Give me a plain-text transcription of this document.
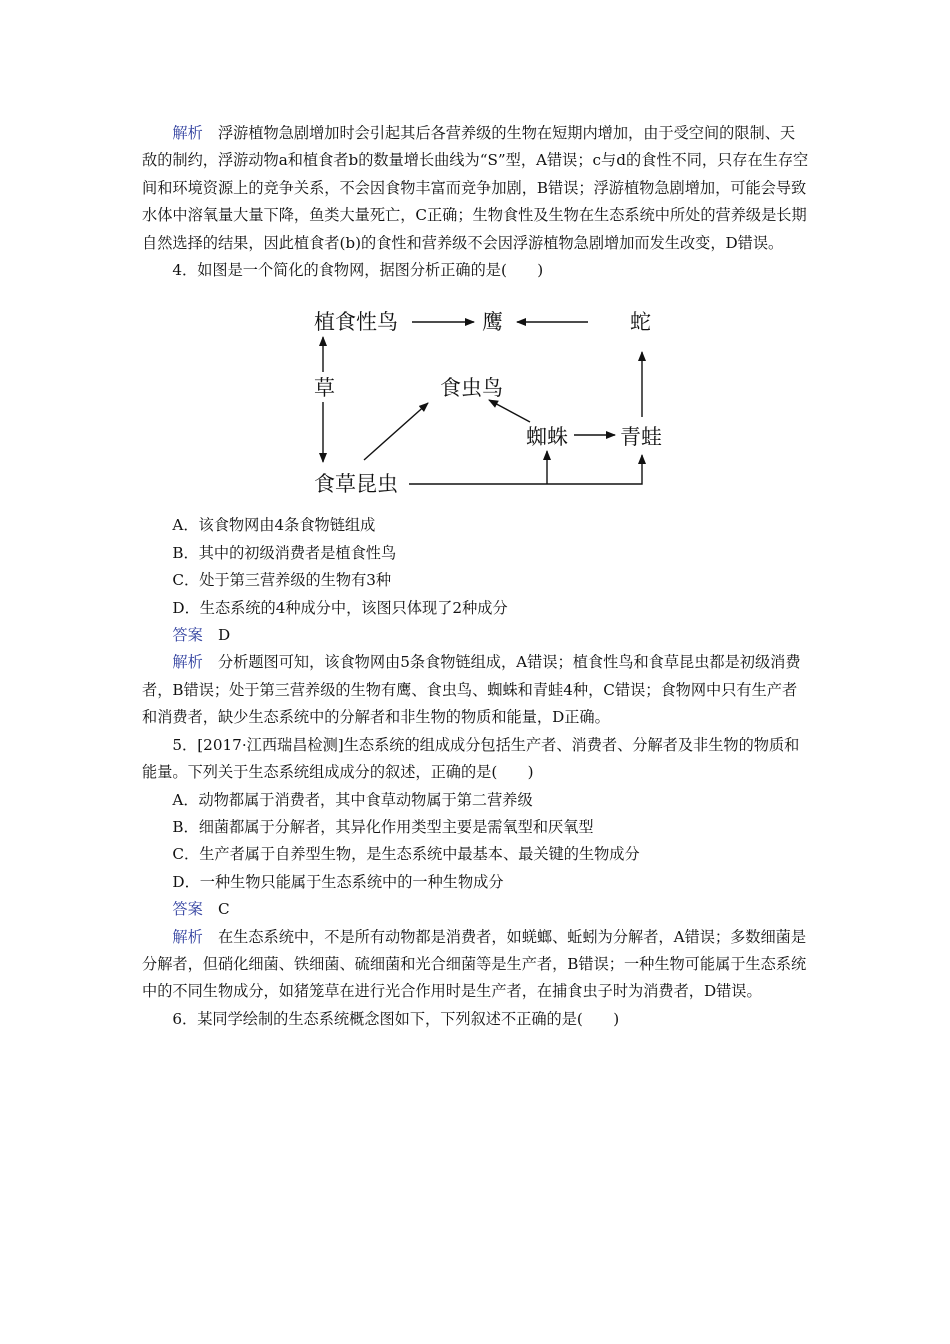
解析 浮游植物急剧增加时会引起其后各营养级的生物在短期内增加，由于受空间的限制、天敌的制约，浮游动物a和植食者b的数量增长曲线为“S”型，A错误；c与d的食性不同，只存在生存空间和环境资源上的竞争关系，不会因食物丰富而竞争加剧，B错误；浮游植物急剧增加，可能会导致水体中溶氧量大量下降，鱼类大量死亡，C正确；生物食性及生物在生态系统中所处的营养级是长期自然选择的结果，因此植食者(b)的食性和营养级不会因浮游植物急剧增加而发生改变，D错误。

4．如图是一个简化的食物网，据图分析正确的是(　　)

植食性鸟	鹰	蛇
草	食虫鸟
蜘蛛 青蛙
食草昆虫

A．该食物网由4条食物链组成

B．其中的初级消费者是植食性鸟

C．处于第三营养级的生物有3种

D．生态系统的4种成分中，该图只体现了2种成分

答案 D

解析 分析题图可知，该食物网由5条食物链组成，A错误；植食性鸟和食草昆虫都是初级消费者，B错误；处于第三营养级的生物有鹰、食虫鸟、蜘蛛和青蛙4种，C错误；食物网中只有生产者和消费者，缺少生态系统中的分解者和非生物的物质和能量，D正确。

5．[2017·江西瑞昌检测]生态系统的组成成分包括生产者、消费者、分解者及非生物的物质和能量。下列关于生态系统组成成分的叙述，正确的是(　　)

A．动物都属于消费者，其中食草动物属于第二营养级

B．细菌都属于分解者，其异化作用类型主要是需氧型和厌氧型

C．生产者属于自养型生物，是生态系统中最基本、最关键的生物成分

D．一种生物只能属于生态系统中的一种生物成分

答案 C

解析 在生态系统中，不是所有动物都是消费者，如蜣螂、蚯蚓为分解者，A错误；多数细菌是分解者，但硝化细菌、铁细菌、硫细菌和光合细菌等是生产者，B错误；一种生物可能属于生态系统中的不同生物成分，如猪笼草在进行光合作用时是生产者，在捕食虫子时为消费者，D错误。

6．某同学绘制的生态系统概念图如下，下列叙述不正确的是(　　)
